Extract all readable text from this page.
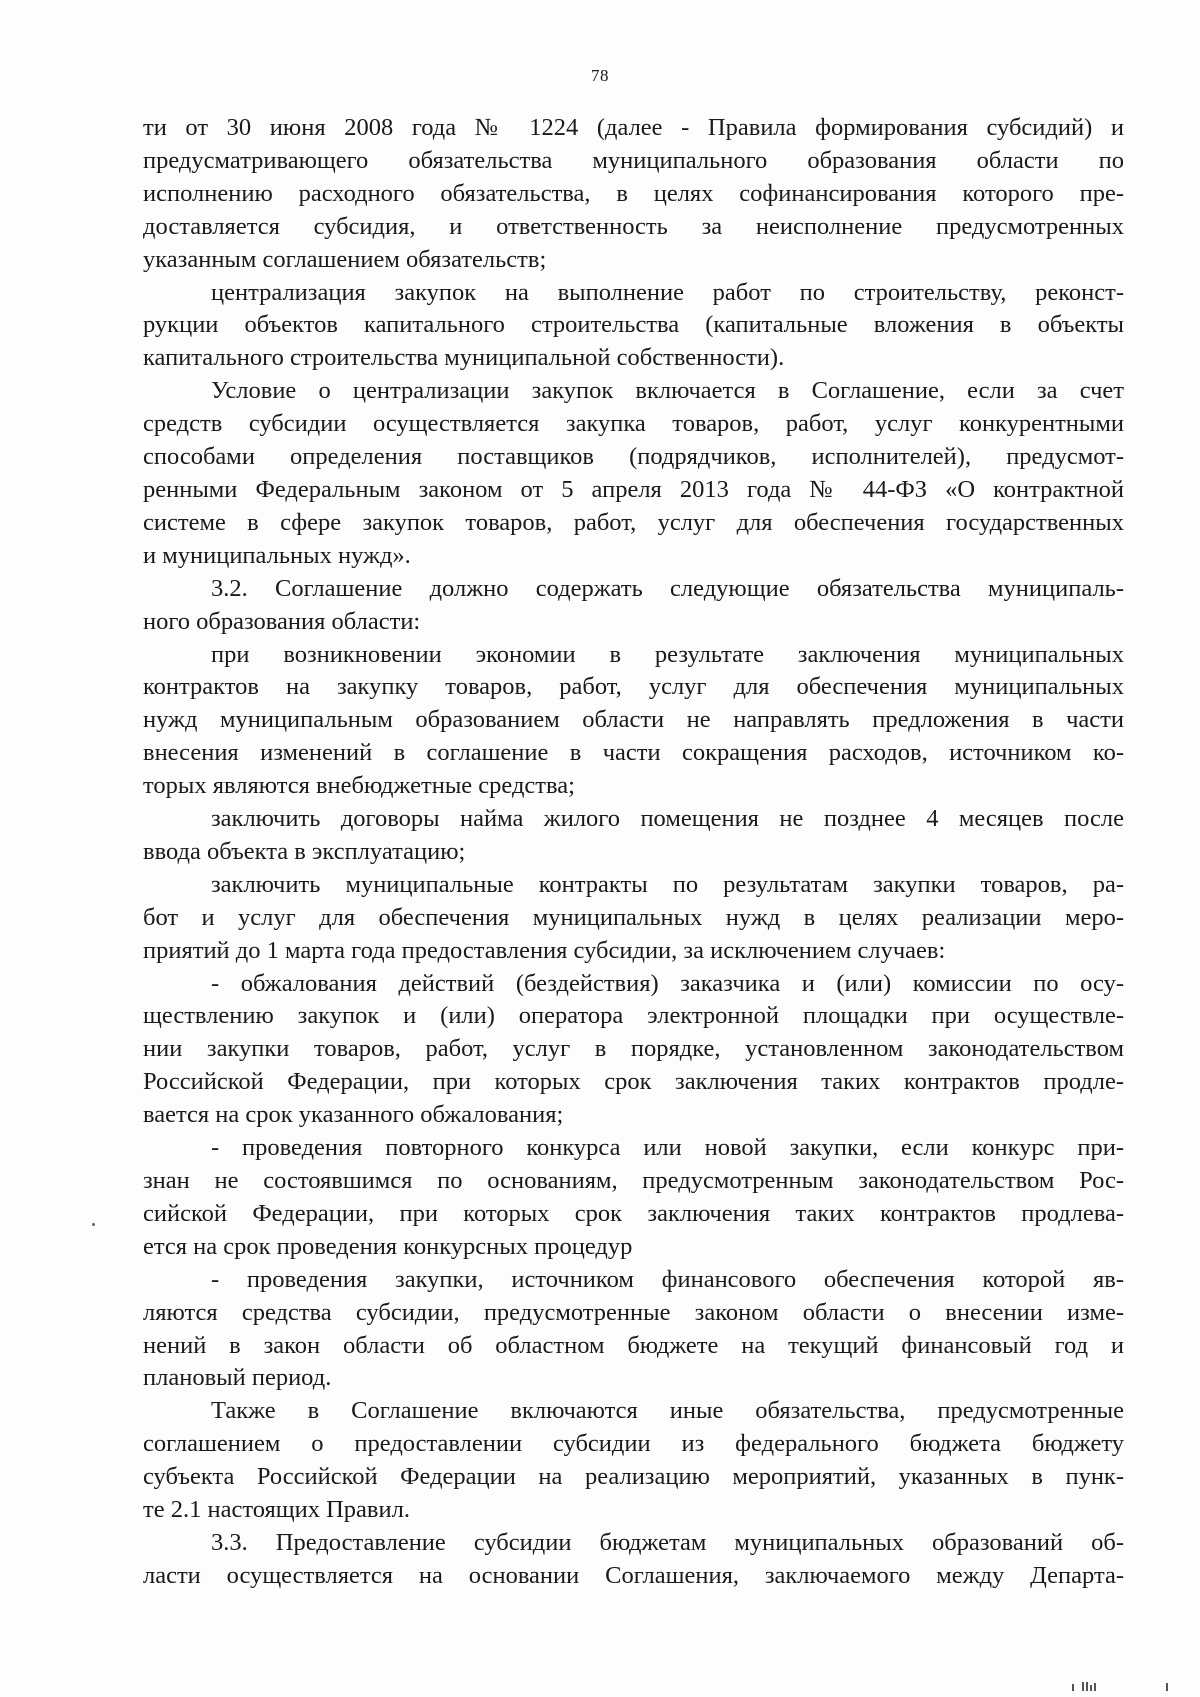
78
ти от 30 июня 2008 года № 1224 (далее - Правила формирования субсидий) и
предусматривающего обязательства муниципального образования области по
исполнению расходного обязательства, в целях софинансирования которого пре-
доставляется субсидия, и ответственность за неисполнение предусмотренных
указанным соглашением обязательств;
централизация закупок на выполнение работ по строительству, реконст-
рукции объектов капитального строительства (капитальные вложения в объекты
капитального строительства муниципальной собственности).
Условие о централизации закупок включается в Соглашение, если за счет
средств субсидии осуществляется закупка товаров, работ, услуг конкурентными
способами определения поставщиков (подрядчиков, исполнителей), предусмот-
ренными Федеральным законом от 5 апреля 2013 года № 44-ФЗ «О контрактной
системе в сфере закупок товаров, работ, услуг для обеспечения государственных
и муниципальных нужд».
3.2. Соглашение должно содержать следующие обязательства муниципаль-
ного образования области:
при возникновении экономии в результате заключения муниципальных
контрактов на закупку товаров, работ, услуг для обеспечения муниципальных
нужд муниципальным образованием области не направлять предложения в части
внесения изменений в соглашение в части сокращения расходов, источником ко-
торых являются внебюджетные средства;
заключить договоры найма жилого помещения не позднее 4 месяцев после
ввода объекта в эксплуатацию;
заключить муниципальные контракты по результатам закупки товаров, ра-
бот и услуг для обеспечения муниципальных нужд в целях реализации меро-
приятий до 1 марта года предоставления субсидии, за исключением случаев:
- обжалования действий (бездействия) заказчика и (или) комиссии по осу-
ществлению закупок и (или) оператора электронной площадки при осуществле-
нии закупки товаров, работ, услуг в порядке, установленном законодательством
Российской Федерации, при которых срок заключения таких контрактов продле-
вается на срок указанного обжалования;
- проведения повторного конкурса или новой закупки, если конкурс при-
знан не состоявшимся по основаниям, предусмотренным законодательством Рос-
сийской Федерации, при которых срок заключения таких контрактов продлева-
ется на срок проведения конкурсных процедур
- проведения закупки, источником финансового обеспечения которой яв-
ляются средства субсидии, предусмотренные законом области о внесении изме-
нений в закон области об областном бюджете на текущий финансовый год и
плановый период.
Также в Соглашение включаются иные обязательства, предусмотренные
соглашением о предоставлении субсидии из федерального бюджета бюджету
субъекта Российской Федерации на реализацию мероприятий, указанных в пунк-
те 2.1 настоящих Правил.
3.3. Предоставление субсидии бюджетам муниципальных образований об-
ласти осуществляется на основании Соглашения, заключаемого между Департа-
